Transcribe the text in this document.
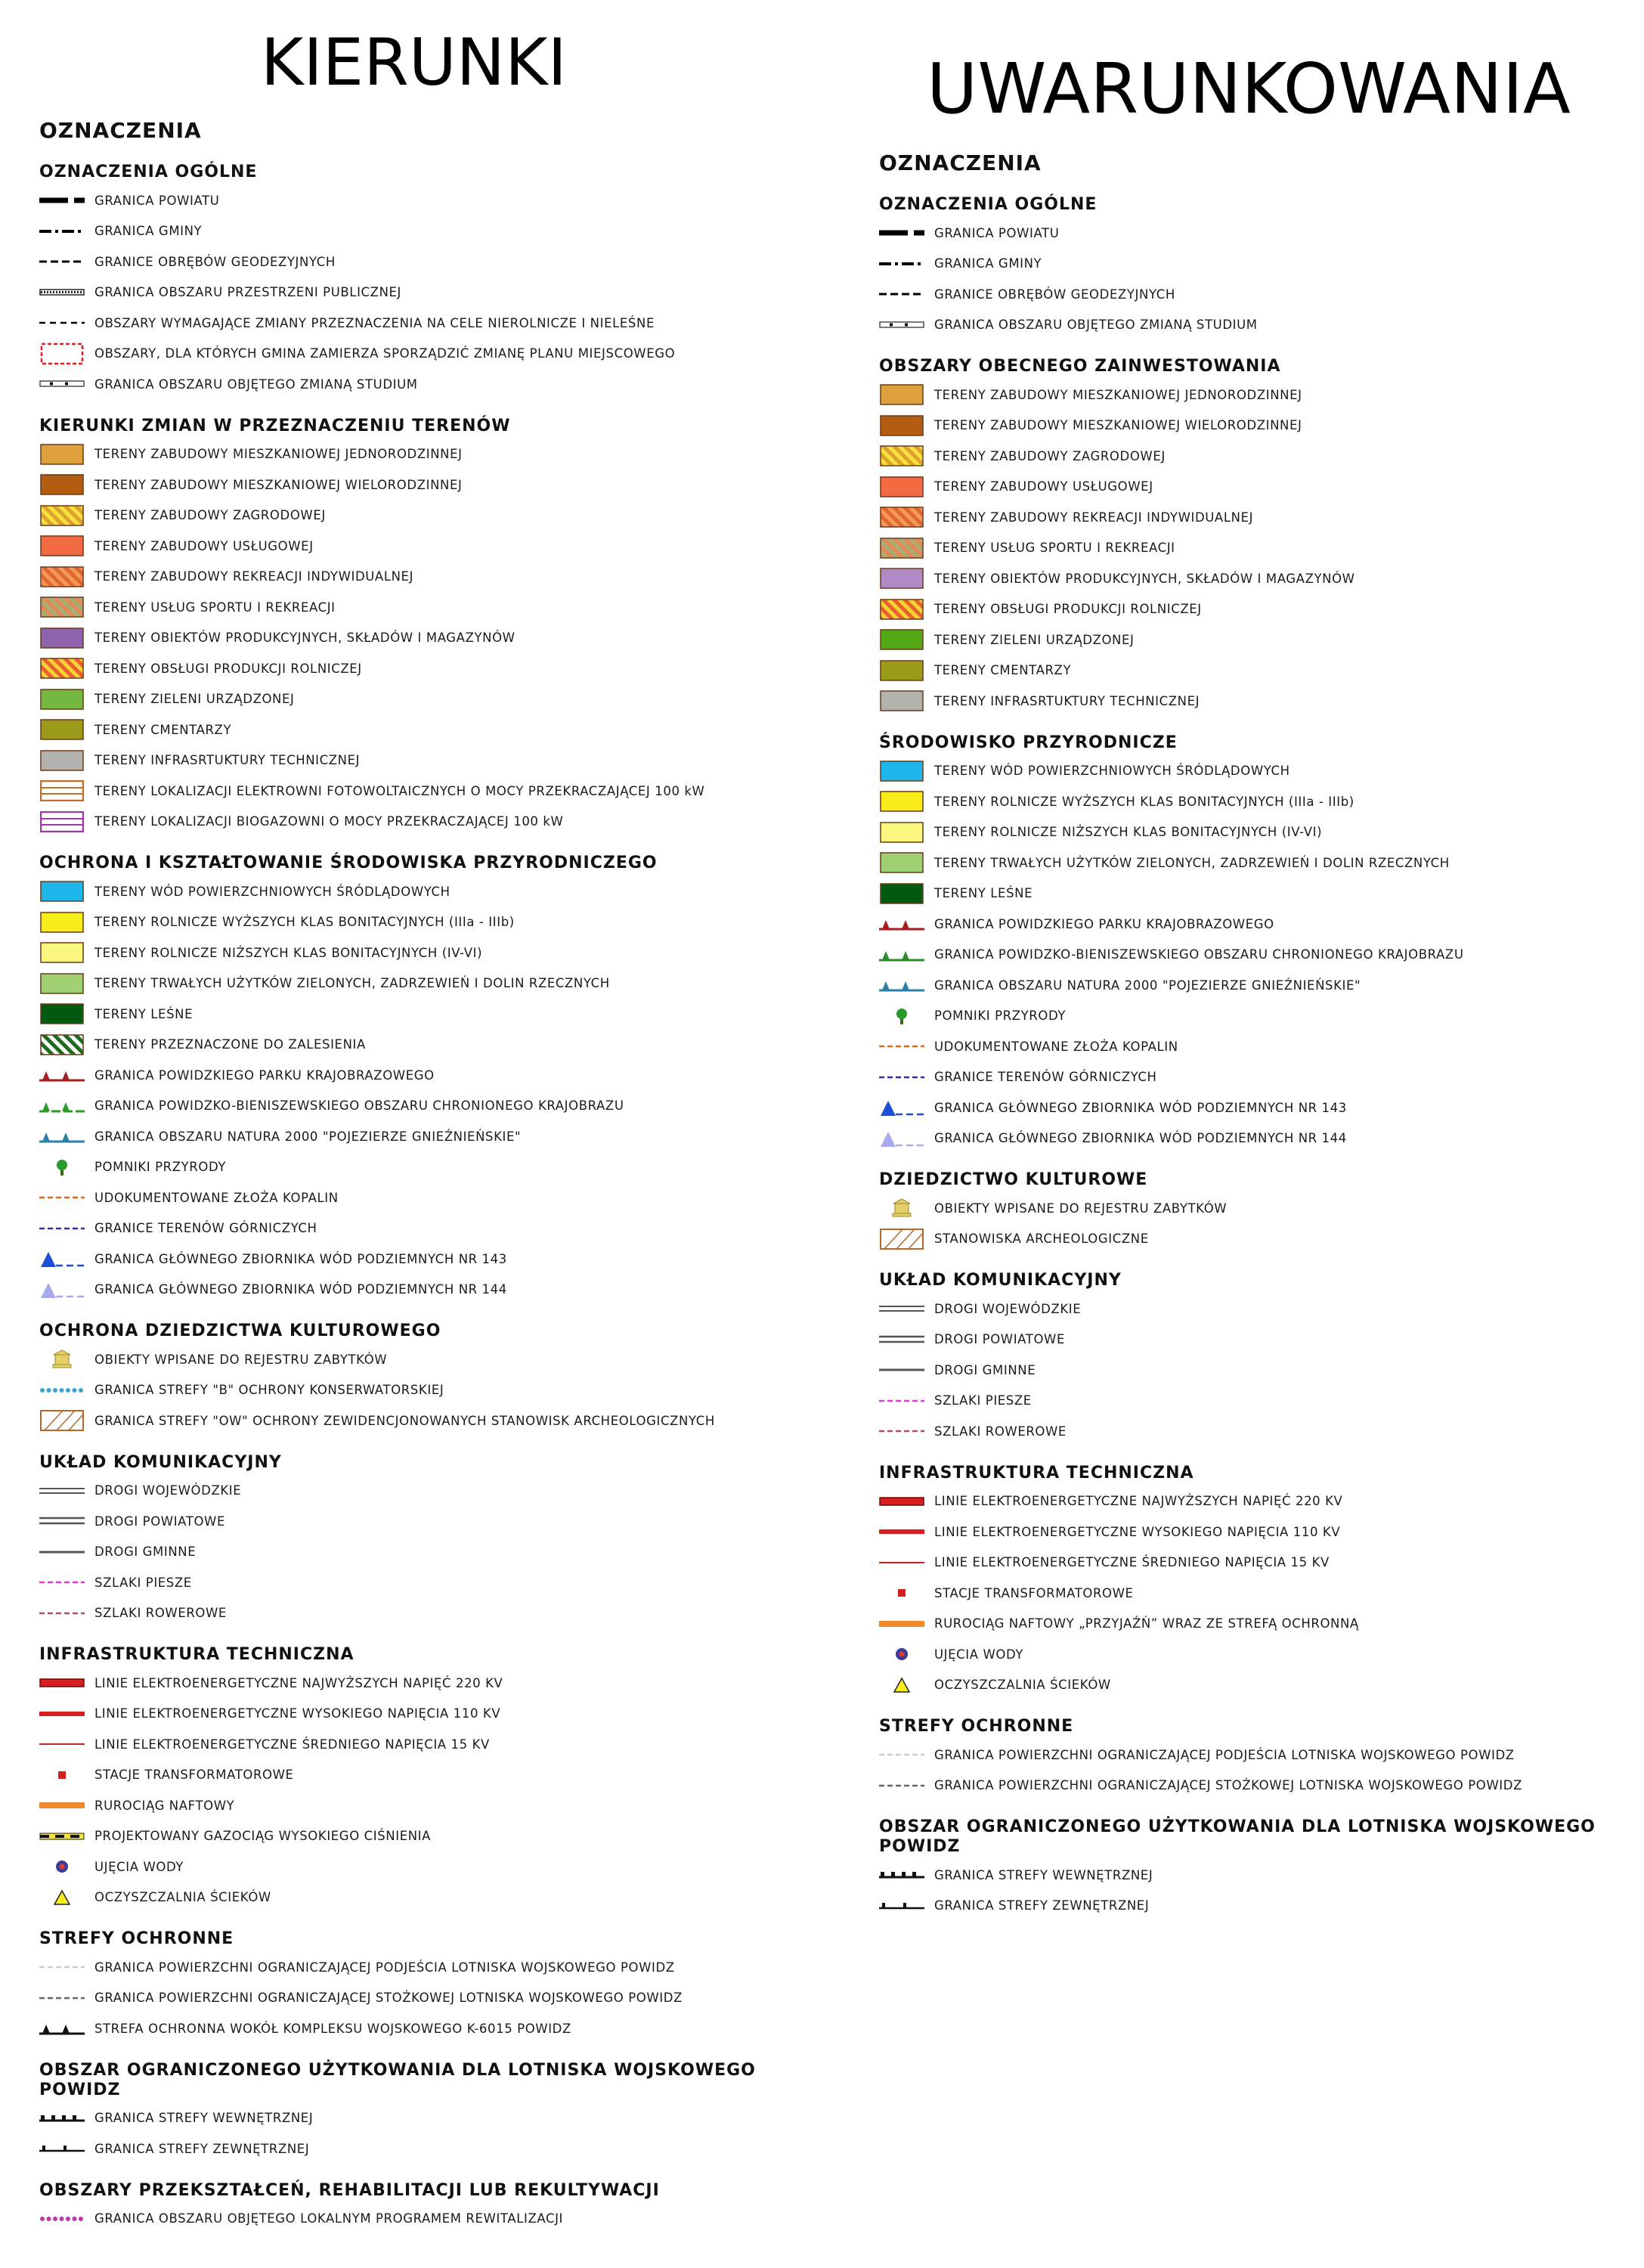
KIERUNKI	UWARUNKOWANIA
OZNACZENIA
OZNACZENIA OGÓLNE
GRANICA POWIATU
GRANICA GMINY
GRANICE OBRĘBÓW GEODEZYJNYCH
GRANICA OBSZARU PRZESTRZENI PUBLICZNEJ
OBSZARY WYMAGAJĄCE ZMIANY PRZEZNACZENIA NA CELE NIEROLNICZE I NIELEŚNE
OBSZARY, DLA KTÓRYCH GMINA ZAMIERZA SPORZĄDZIĆ ZMIANĘ PLANU MIEJSCOWEGO
GRANICA OBSZARU OBJĘTEGO ZMIANĄ STUDIUM
KIERUNKI ZMIAN W PRZEZNACZENIU TERENÓW
TERENY ZABUDOWY MIESZKANIOWEJ JEDNORODZINNEJ
TERENY ZABUDOWY MIESZKANIOWEJ WIELORODZINNEJ
TERENY ZABUDOWY ZAGRODOWEJ
TERENY ZABUDOWY USŁUGOWEJ
TERENY ZABUDOWY REKREACJI INDYWIDUALNEJ
TERENY USŁUG SPORTU I REKREACJI
TERENY OBIEKTÓW PRODUKCYJNYCH, SKŁADÓW I MAGAZYNÓW
TERENY OBSŁUGI PRODUKCJI ROLNICZEJ
TERENY ZIELENI URZĄDZONEJ
TERENY CMENTARZY
TERENY INFRASRTUKTURY TECHNICZNEJ
TERENY LOKALIZACJI ELEKTROWNI FOTOWOLTAICZNYCH O MOCY PRZEKRACZAJĄCEJ 100 kW
TERENY LOKALIZACJI BIOGAZOWNI O MOCY PRZEKRACZAJĄCEJ 100 kW
OCHRONA I KSZTAŁTOWANIE ŚRODOWISKA PRZYRODNICZEGO
TERENY WÓD POWIERZCHNIOWYCH ŚRÓDLĄDOWYCH
TERENY ROLNICZE WYŻSZYCH KLAS BONITACYJNYCH (IIIa - IIIb)
TERENY ROLNICZE NIŻSZYCH KLAS BONITACYJNYCH (IV-VI)
TERENY TRWAŁYCH UŻYTKÓW ZIELONYCH, ZADRZEWIEŃ I DOLIN RZECZNYCH
TERENY LEŚNE
TERENY PRZEZNACZONE DO ZALESIENIA
GRANICA POWIDZKIEGO PARKU KRAJOBRAZOWEGO
GRANICA POWIDZKO-BIENISZEWSKIEGO OBSZARU CHRONIONEGO KRAJOBRAZU
GRANICA OBSZARU NATURA 2000 "POJEZIERZE GNIEŹNIEŃSKIE"
POMNIKI PRZYRODY
UDOKUMENTOWANE ZŁOŻA KOPALIN
GRANICE TERENÓW GÓRNICZYCH
GRANICA GŁÓWNEGO ZBIORNIKA WÓD PODZIEMNYCH NR 143
GRANICA GŁÓWNEGO ZBIORNIKA WÓD PODZIEMNYCH NR 144
OCHRONA DZIEDZICTWA KULTUROWEGO
OBIEKTY WPISANE DO REJESTRU ZABYTKÓW
GRANICA STREFY "B" OCHRONY KONSERWATORSKIEJ
GRANICA STREFY "OW" OCHRONY ZEWIDENCJONOWANYCH STANOWISK ARCHEOLOGICZNYCH
UKŁAD KOMUNIKACYJNY
DROGI WOJEWÓDZKIE
DROGI POWIATOWE
DROGI GMINNE
SZLAKI PIESZE
SZLAKI ROWEROWE
INFRASTRUKTURA TECHNICZNA
LINIE ELEKTROENERGETYCZNE NAJWYŻSZYCH NAPIĘĆ 220 KV
LINIE ELEKTROENERGETYCZNE WYSOKIEGO NAPIĘCIA 110 KV
LINIE ELEKTROENERGETYCZNE ŚREDNIEGO NAPIĘCIA 15 KV
STACJE TRANSFORMATOROWE
RUROCIĄG NAFTOWY
PROJEKTOWANY GAZOCIĄG WYSOKIEGO CIŚNIENIA
UJĘCIA WODY
OCZYSZCZALNIA ŚCIEKÓW
STREFY OCHRONNE
GRANICA POWIERZCHNI OGRANICZAJĄCEJ PODJEŚCIA LOTNISKA WOJSKOWEGO POWIDZ
GRANICA POWIERZCHNI OGRANICZAJĄCEJ STOŻKOWEJ LOTNISKA WOJSKOWEGO POWIDZ
STREFA OCHRONNA WOKÓŁ KOMPLEKSU WOJSKOWEGO K-6015 POWIDZ
OBSZAR OGRANICZONEGO UŻYTKOWANIA DLA LOTNISKA WOJSKOWEGO POWIDZ
GRANICA STREFY WEWNĘTRZNEJ
GRANICA STREFY ZEWNĘTRZNEJ
OBSZARY PRZEKSZTAŁCEŃ, REHABILITACJI LUB REKULTYWACJI
GRANICA OBSZARU OBJĘTEGO LOKALNYM PROGRAMEM REWITALIZACJI
OZNACZENIA
OZNACZENIA OGÓLNE
GRANICA POWIATU
GRANICA GMINY
GRANICE OBRĘBÓW GEODEZYJNYCH
GRANICA OBSZARU OBJĘTEGO ZMIANĄ STUDIUM
OBSZARY OBECNEGO ZAINWESTOWANIA
TERENY ZABUDOWY MIESZKANIOWEJ JEDNORODZINNEJ
TERENY ZABUDOWY MIESZKANIOWEJ WIELORODZINNEJ
TERENY ZABUDOWY ZAGRODOWEJ
TERENY ZABUDOWY USŁUGOWEJ
TERENY ZABUDOWY REKREACJI INDYWIDUALNEJ
TERENY USŁUG SPORTU I REKREACJI
TERENY OBIEKTÓW PRODUKCYJNYCH, SKŁADÓW I MAGAZYNÓW
TERENY OBSŁUGI PRODUKCJI ROLNICZEJ
TERENY ZIELENI URZĄDZONEJ
TERENY CMENTARZY
TERENY INFRASRTUKTURY TECHNICZNEJ
ŚRODOWISKO PRZYRODNICZE
TERENY WÓD POWIERZCHNIOWYCH ŚRÓDLĄDOWYCH
TERENY ROLNICZE WYŻSZYCH KLAS BONITACYJNYCH (IIIa - IIIb)
TERENY ROLNICZE NIŻSZYCH KLAS BONITACYJNYCH (IV-VI)
TERENY TRWAŁYCH UŻYTKÓW ZIELONYCH, ZADRZEWIEŃ I DOLIN RZECZNYCH
TERENY LEŚNE
GRANICA POWIDZKIEGO PARKU KRAJOBRAZOWEGO
GRANICA POWIDZKO-BIENISZEWSKIEGO OBSZARU CHRONIONEGO KRAJOBRAZU
GRANICA OBSZARU NATURA 2000 "POJEZIERZE GNIEŹNIEŃSKIE"
POMNIKI PRZYRODY
UDOKUMENTOWANE ZŁOŻA KOPALIN
GRANICE TERENÓW GÓRNICZYCH
GRANICA GŁÓWNEGO ZBIORNIKA WÓD PODZIEMNYCH NR 143
GRANICA GŁÓWNEGO ZBIORNIKA WÓD PODZIEMNYCH NR 144
DZIEDZICTWO KULTUROWE
OBIEKTY WPISANE DO REJESTRU ZABYTKÓW
STANOWISKA ARCHEOLOGICZNE
UKŁAD KOMUNIKACYJNY
DROGI WOJEWÓDZKIE
DROGI POWIATOWE
DROGI GMINNE
SZLAKI PIESZE
SZLAKI ROWEROWE
INFRASTRUKTURA TECHNICZNA
LINIE ELEKTROENERGETYCZNE NAJWYŻSZYCH NAPIĘĆ 220 KV
LINIE ELEKTROENERGETYCZNE WYSOKIEGO NAPIĘCIA 110 KV
LINIE ELEKTROENERGETYCZNE ŚREDNIEGO NAPIĘCIA 15 KV
STACJE TRANSFORMATOROWE
RUROCIĄG NAFTOWY „PRZYJAŹŃ” WRAZ ZE STREFĄ OCHRONNĄ
UJĘCIA WODY
OCZYSZCZALNIA ŚCIEKÓW
STREFY OCHRONNE
GRANICA POWIERZCHNI OGRANICZAJĄCEJ PODJEŚCIA LOTNISKA WOJSKOWEGO POWIDZ
GRANICA POWIERZCHNI OGRANICZAJĄCEJ STOŻKOWEJ LOTNISKA WOJSKOWEGO POWIDZ
OBSZAR OGRANICZONEGO UŻYTKOWANIA DLA LOTNISKA WOJSKOWEGO POWIDZ
GRANICA STREFY WEWNĘTRZNEJ
GRANICA STREFY ZEWNĘTRZNEJ
